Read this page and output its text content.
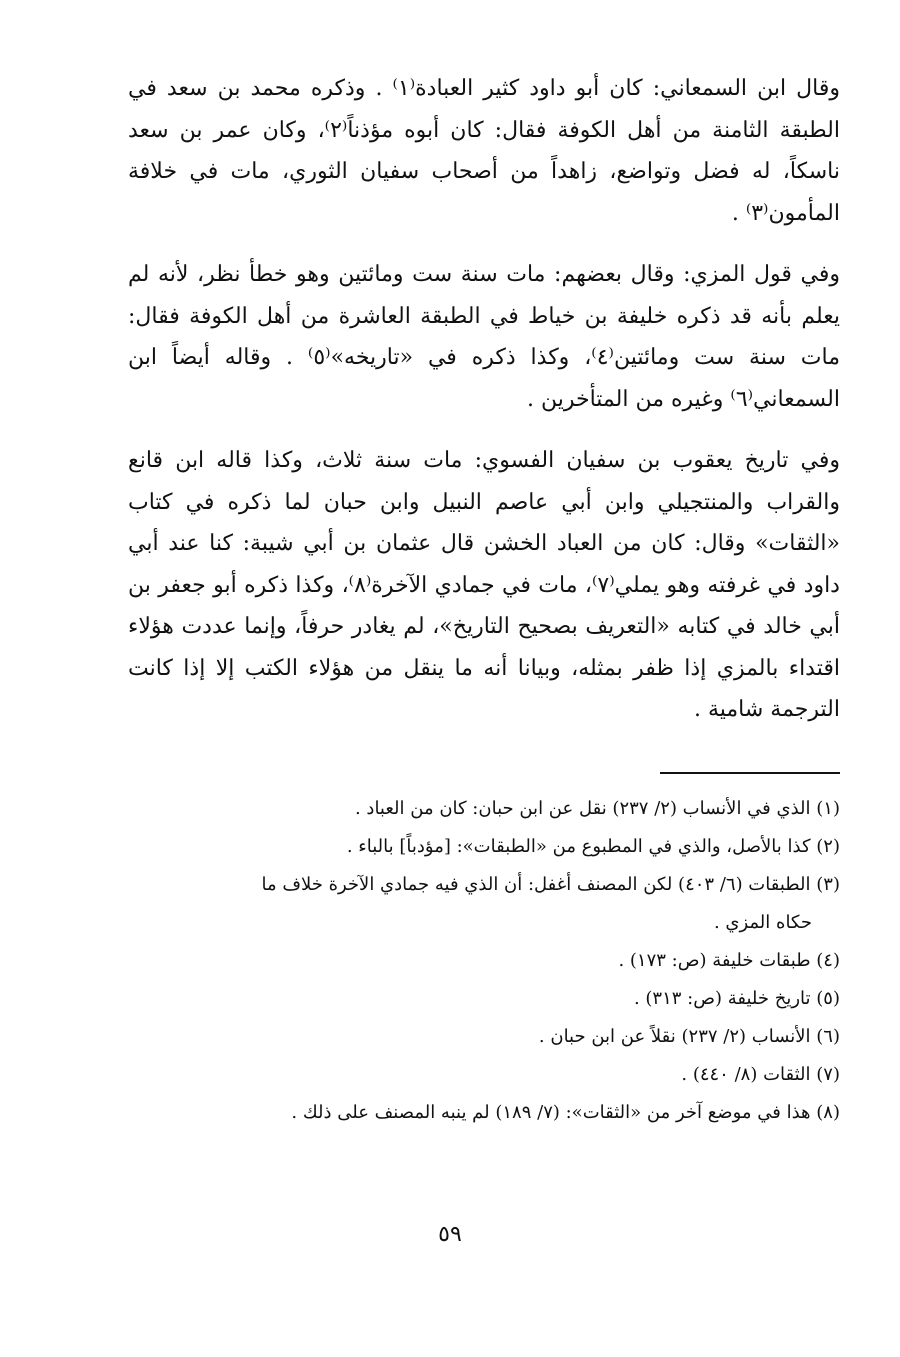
وقال ابن السمعاني: كان أبو داود كثير العبادة⁽١⁾ . وذكره محمد بن سعد في الطبقة الثامنة من أهل الكوفة فقال: كان أبوه مؤذناً⁽٢⁾، وكان عمر بن سعد ناسكاً، له فضل وتواضع، زاهداً من أصحاب سفيان الثوري، مات في خلافة المأمون⁽٣⁾ .

وفي قول المزي: وقال بعضهم: مات سنة ست ومائتين وهو خطأ نظر، لأنه لم يعلم بأنه قد ذكره خليفة بن خياط في الطبقة العاشرة من أهل الكوفة فقال: مات سنة ست ومائتين⁽٤⁾، وكذا ذكره في «تاريخه»⁽٥⁾ . وقاله أيضاً ابن السمعاني⁽٦⁾ وغيره من المتأخرين .

وفي تاريخ يعقوب بن سفيان الفسوي: مات سنة ثلاث، وكذا قاله ابن قانع والقراب والمنتجيلي وابن أبي عاصم النبيل وابن حبان لما ذكره في كتاب «الثقات» وقال: كان من العباد الخشن قال عثمان بن أبي شيبة: كنا عند أبي داود في غرفته وهو يملي⁽٧⁾، مات في جمادي الآخرة⁽٨⁾، وكذا ذكره أبو جعفر بن أبي خالد في كتابه «التعريف بصحيح التاريخ»، لم يغادر حرفاً، وإنما عددت هؤلاء اقتداء بالمزي إذا ظفر بمثله، وبيانا أنه ما ينقل من هؤلاء الكتب إلا إذا كانت الترجمة شامية .

(١) الذي في الأنساب (٢/ ٢٣٧) نقل عن ابن حبان: كان من العباد .

(٢) كذا بالأصل، والذي في المطبوع من «الطبقات»: [مؤدباً] بالباء .

(٣) الطبقات (٦/ ٤٠٣) لكن المصنف أغفل: أن الذي فيه جمادي الآخرة خلاف ما

حكاه المزي .

(٤) طبقات خليفة (ص: ١٧٣) .

(٥) تاريخ خليفة (ص: ٣١٣) .

(٦) الأنساب (٢/ ٢٣٧) نقلاً عن ابن حبان .

(٧) الثقات (٨/ ٤٤٠) .

(٨) هذا في موضع آخر من «الثقات»: (٧/ ١٨٩) لم ينبه المصنف على ذلك .

٥٩
